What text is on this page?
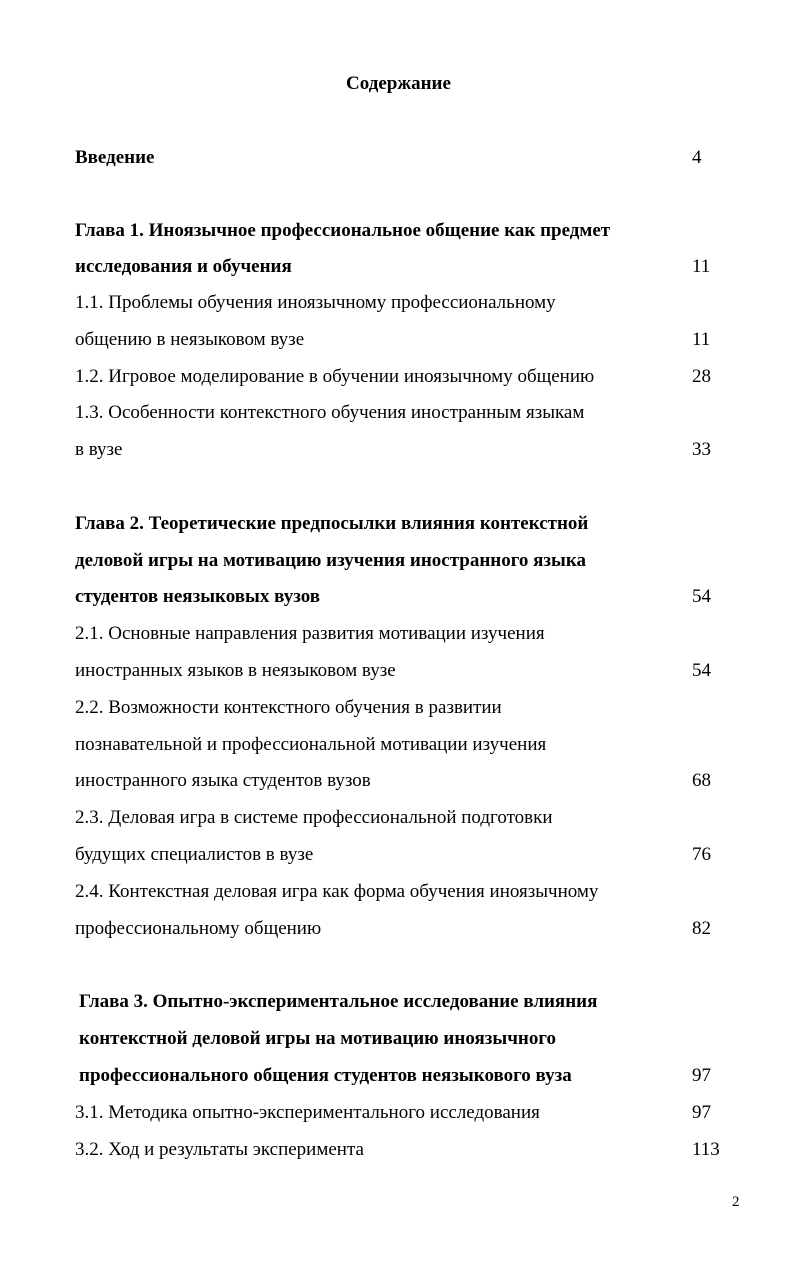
Содержание
Введение	4
Глава 1. Иноязычное профессиональное общение как предмет
исследования и обучения	11
1.1. Проблемы обучения иноязычному профессиональному
общению в неязыковом вузе	11
1.2. Игровое моделирование в обучении иноязычному общению	28
1.3. Особенности контекстного обучения иностранным языкам
в вузе	33
Глава 2. Теоретические предпосылки влияния контекстной
деловой игры на мотивацию изучения иностранного языка
студентов неязыковых вузов	54
2.1. Основные направления развития мотивации изучения
иностранных языков в неязыковом вузе	54
2.2. Возможности контекстного обучения в развитии
познавательной и профессиональной мотивации изучения
иностранного языка студентов вузов	68
2.3. Деловая игра в системе профессиональной подготовки
будущих специалистов в вузе	76
2.4. Контекстная деловая игра как форма обучения иноязычному
профессиональному общению	82
Глава 3. Опытно-экспериментальное исследование влияния
контекстной деловой игры на мотивацию иноязычного
профессионального общения студентов неязыкового вуза	97
3.1. Методика опытно-экспериментального исследования	97
3.2. Ход и результаты эксперимента	113
2
